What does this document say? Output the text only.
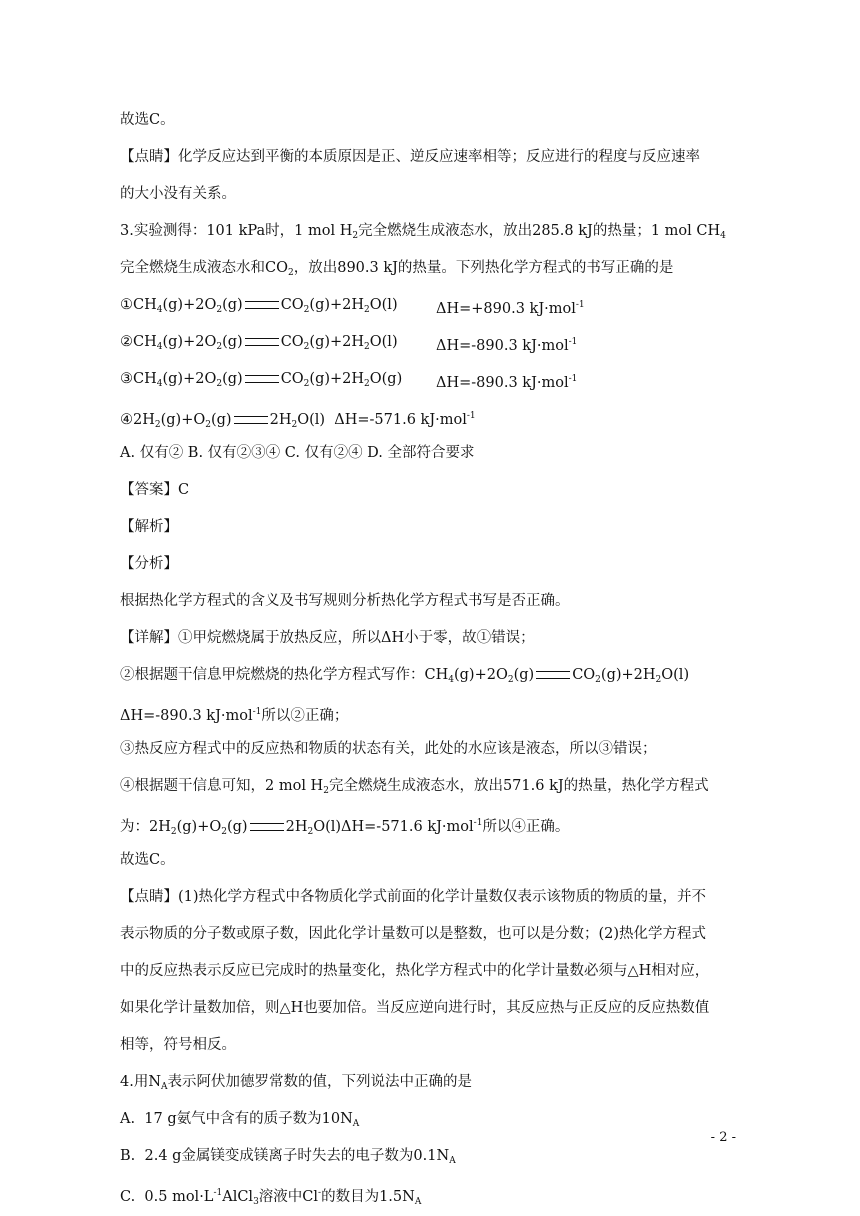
故选C。
【点睛】化学反应达到平衡的本质原因是正、逆反应速率相等；反应进行的程度与反应速率
的大小没有关系。
3.实验测得：101 kPa时，1 mol $H_2$完全燃烧生成液态水，放出285.8 kJ的热量；1 mol $CH_4$
完全燃烧生成液态水和$CO_2$，放出890.3 kJ的热量。下列热化学方程式的书写正确的是
$①CH_4(g)+2O_2(g)$	$CO_2(g)+2H_2O(l)$	ΔH=+890.3 kJ·mol$^{-1}$
$②CH_4(g)+2O_2(g)$	$CO_2(g)+2H_2O(l)$	ΔH=-890.3 kJ·mol$^{-1}$
$③CH_4(g)+2O_2(g)$	$CO_2(g)+2H_2O(g)$ ΔH=-890.3 kJ·mol$^{-1}$
$④2H_2(g)+O_2(g)$	$2H_2O(l)$  ΔH=-571.6 kJ·mol$^{-1}$
A. 仅有② B. 仅有②③④ C. 仅有②④ D. 全部符合要求
【答案】C
【解析】
【分析】
根据热化学方程式的含义及书写规则分析热化学方程式书写是否正确。
【详解】①甲烷燃烧属于放热反应，所以ΔH小于零，故①错误；
②根据题干信息甲烷燃烧的热化学方程式写作：$CH_4(g)+2O_2(g)$	$CO_2(g)+2H_2O(l)$
ΔH=-890.3 kJ·mol$^{-1}$所以②正确；
③热反应方程式中的反应热和物质的状态有关，此处的水应该是液态，所以③错误；
④根据题干信息可知，2 mol $H_2$完全燃烧生成液态水，放出571.6 kJ的热量，热化学方程式
为：$2H_2(g)+O_2(g)$	$2H_2O(l)\Delta H=-571.6$ kJ·mol$^{-1}$所以④正确。
故选C。
【点睛】(1)热化学方程式中各物质化学式前面的化学计量数仅表示该物质的物质的量，并不
表示物质的分子数或原子数，因此化学计量数可以是整数，也可以是分数；(2)热化学方程式
中的反应热表示反应已完成时的热量变化，热化学方程式中的化学计量数必须与△H相对应，
如果化学计量数加倍，则△H也要加倍。当反应逆向进行时，其反应热与正反应的反应热数值
相等，符号相反。
4.用$N_A$表示阿伏加德罗常数的值，下列说法中正确的是
A.  17 g氨气中含有的质子数为$10N_A$
B.  2.4 g金属镁变成镁离子时失去的电子数为$0.1N_A$
C.  0.5 $mol\cdot L^{-1}AlCl_3$溶液中Cl-的数目为$1.5N_A$
- 2 -
